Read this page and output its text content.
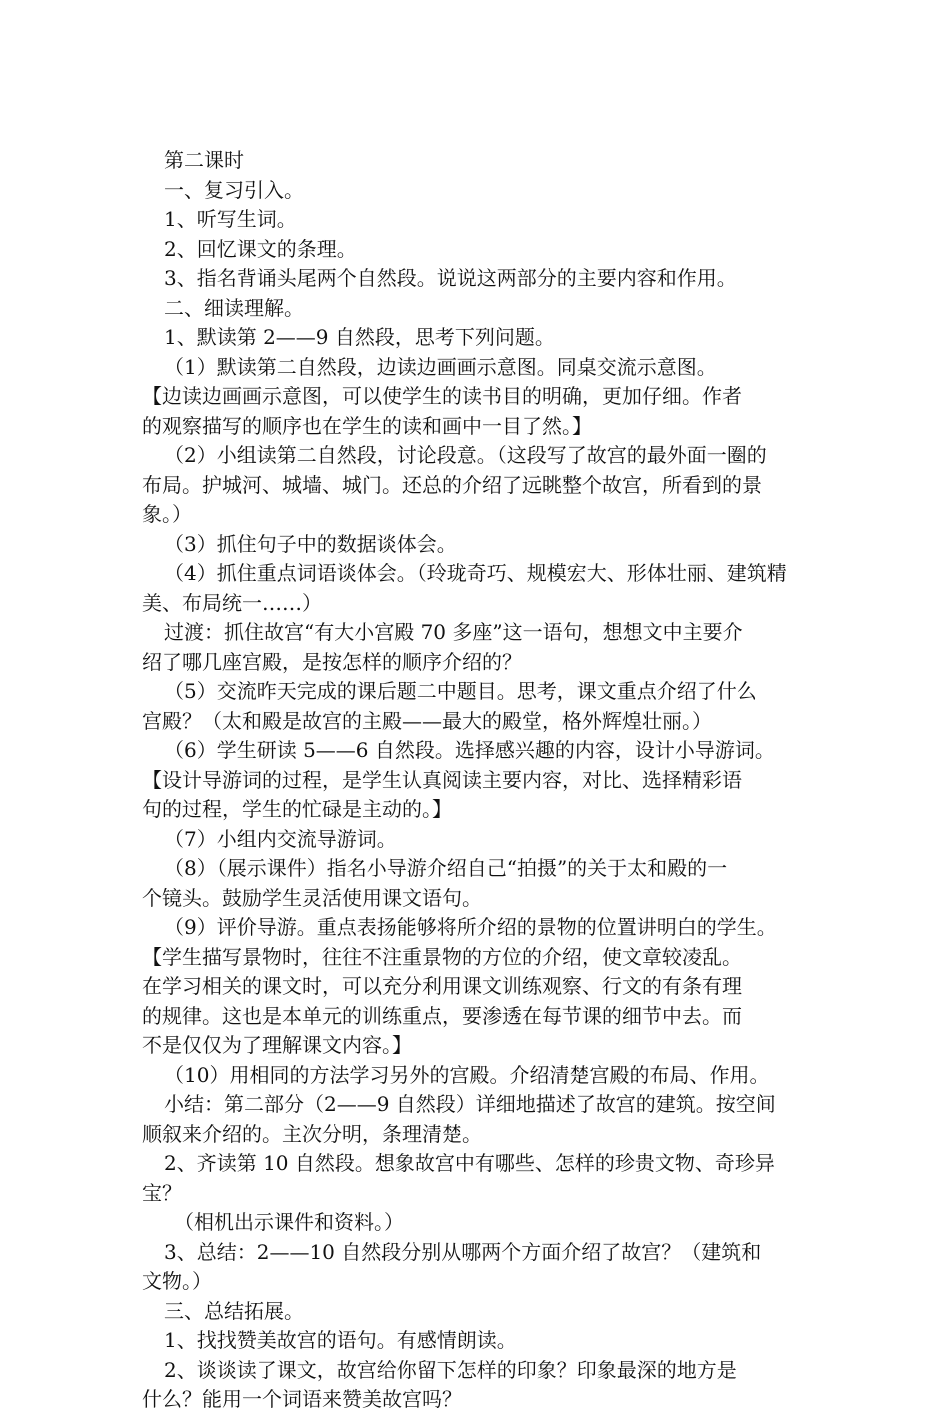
第二课时
一、复习引入。
1、听写生词。
2、回忆课文的条理。
3、指名背诵头尾两个自然段。说说这两部分的主要内容和作用。
二、细读理解。
1、默读第 2——9 自然段，思考下列问题。
（1）默读第二自然段，边读边画画示意图。同桌交流示意图。
【边读边画画示意图，可以使学生的读书目的明确，更加仔细。作者
的观察描写的顺序也在学生的读和画中一目了然。】
（2）小组读第二自然段，讨论段意。（这段写了故宫的最外面一圈的
布局。护城河、城墙、城门。还总的介绍了远眺整个故宫，所看到的景
象。）
（3）抓住句子中的数据谈体会。
（4）抓住重点词语谈体会。（玲珑奇巧、规模宏大、形体壮丽、建筑精
美、布局统一……）
过渡：抓住故宫“有大小宫殿 70 多座”这一语句，想想文中主要介
绍了哪几座宫殿，是按怎样的顺序介绍的？
（5）交流昨天完成的课后题二中题目。思考，课文重点介绍了什么
宫殿？（太和殿是故宫的主殿——最大的殿堂，格外辉煌壮丽。）
（6）学生研读 5——6 自然段。选择感兴趣的内容，设计小导游词。
【设计导游词的过程，是学生认真阅读主要内容，对比、选择精彩语
句的过程，学生的忙碌是主动的。】
（7）小组内交流导游词。
（8）（展示课件）指名小导游介绍自己“拍摄”的关于太和殿的一
个镜头。鼓励学生灵活使用课文语句。
（9）评价导游。重点表扬能够将所介绍的景物的位置讲明白的学生。
【学生描写景物时，往往不注重景物的方位的介绍，使文章较凌乱。
在学习相关的课文时，可以充分利用课文训练观察、行文的有条有理
的规律。这也是本单元的训练重点，要渗透在每节课的细节中去。而
不是仅仅为了理解课文内容。】
（10）用相同的方法学习另外的宫殿。介绍清楚宫殿的布局、作用。
小结：第二部分（2——9 自然段）详细地描述了故宫的建筑。按空间
顺叙来介绍的。主次分明，条理清楚。
2、齐读第 10 自然段。想象故宫中有哪些、怎样的珍贵文物、奇珍异
宝？
（相机出示课件和资料。）
3、总结：2——10 自然段分别从哪两个方面介绍了故宫？（建筑和
文物。）
三、总结拓展。
1、找找赞美故宫的语句。有感情朗读。
2、谈谈读了课文，故宫给你留下怎样的印象？印象最深的地方是
什么？能用一个词语来赞美故宫吗？
